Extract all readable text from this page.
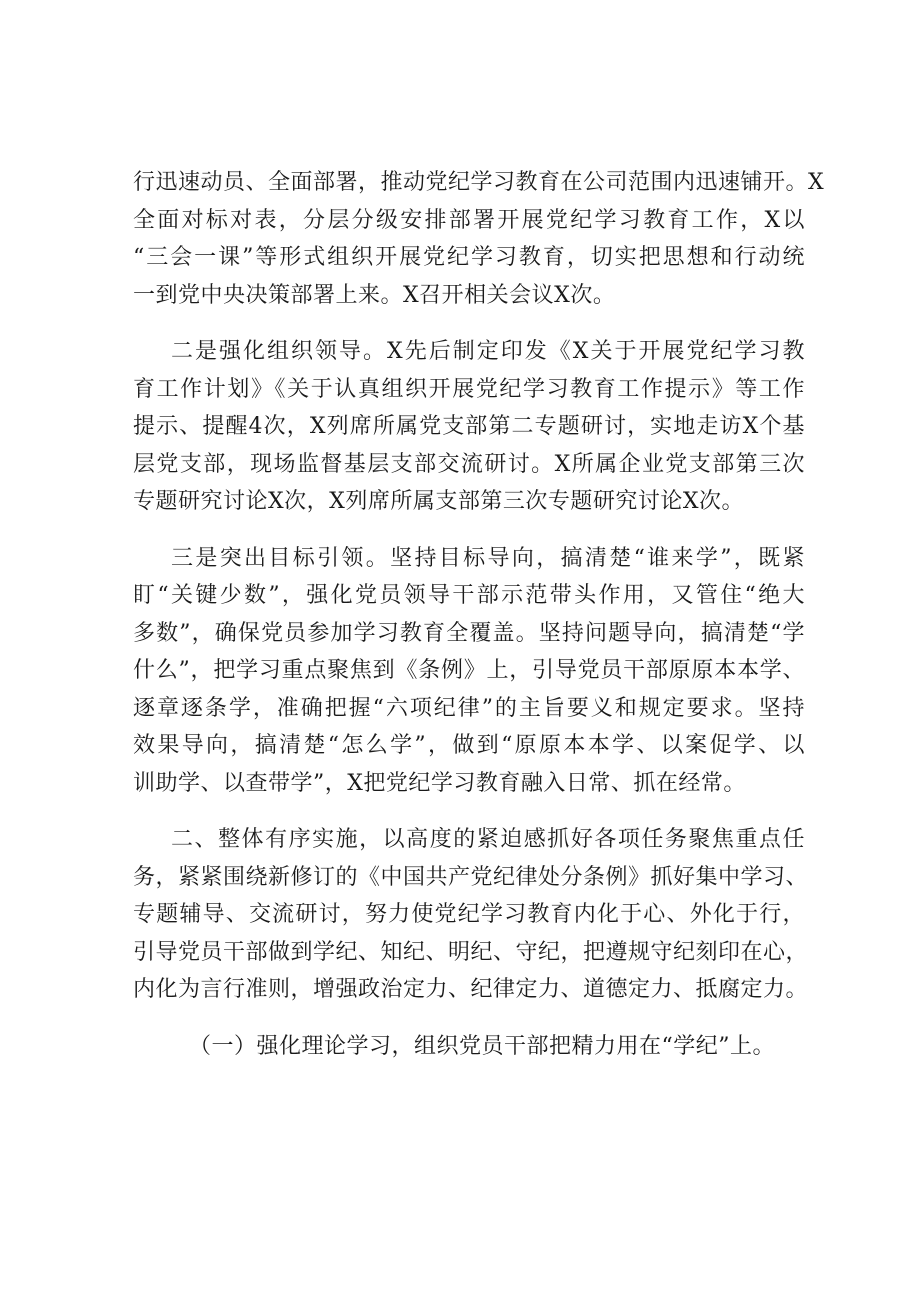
行迅速动员、全面部署，推动党纪学习教育在公司范围内迅速铺开。X
全面对标对表，分层分级安排部署开展党纪学习教育工作，X以
“三会一课”等形式组织开展党纪学习教育，切实把思想和行动统
一到党中央决策部署上来。X召开相关会议X次。

二是强化组织领导。X先后制定印发《X关于开展党纪学习教
育工作计划》《关于认真组织开展党纪学习教育工作提示》等工作
提示、提醒4次，X列席所属党支部第二专题研讨，实地走访X个基
层党支部，现场监督基层支部交流研讨。X所属企业党支部第三次
专题研究讨论X次，X列席所属支部第三次专题研究讨论X次。

三是突出目标引领。坚持目标导向，搞清楚“谁来学”，既紧
盯“关键少数”，强化党员领导干部示范带头作用，又管住“绝大
多数”，确保党员参加学习教育全覆盖。坚持问题导向，搞清楚“学
什么”，把学习重点聚焦到《条例》上，引导党员干部原原本本学、
逐章逐条学，准确把握“六项纪律”的主旨要义和规定要求。坚持
效果导向，搞清楚“怎么学”，做到“原原本本学、以案促学、以
训助学、以查带学”，X把党纪学习教育融入日常、抓在经常。

二、整体有序实施，以高度的紧迫感抓好各项任务聚焦重点任
务，紧紧围绕新修订的《中国共产党纪律处分条例》抓好集中学习、
专题辅导、交流研讨，努力使党纪学习教育内化于心、外化于行，
引导党员干部做到学纪、知纪、明纪、守纪，把遵规守纪刻印在心，
内化为言行准则，增强政治定力、纪律定力、道德定力、抵腐定力。

（一）强化理论学习，组织党员干部把精力用在“学纪”上。
